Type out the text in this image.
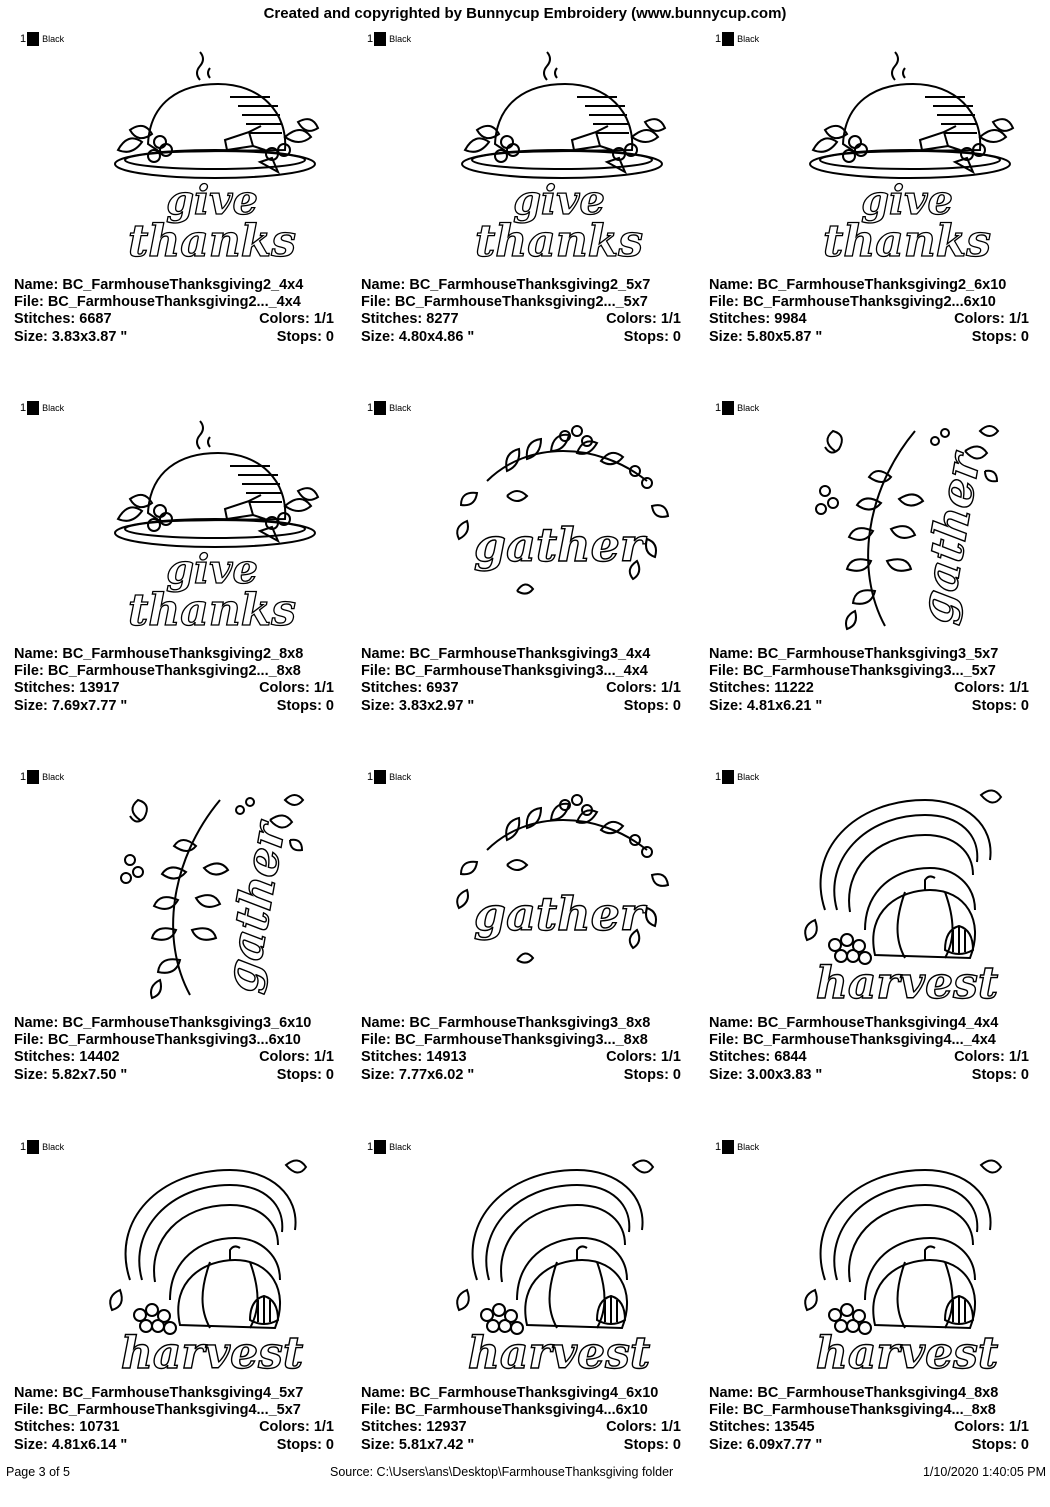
Created and copyrighted by Bunnycup Embroidery (www.bunnycup.com)
1 Black
give
thanks
Name: BC_FarmhouseThanksgiving2_4x4
File: BC_FarmhouseThanksgiving2..._4x4
Stitches: 6687	Colors: 1/1
Size: 3.83x3.87 "	Stops: 0
1 Black
give
thanks
Name: BC_FarmhouseThanksgiving2_5x7
File: BC_FarmhouseThanksgiving2..._5x7
Stitches: 8277	Colors: 1/1
Size: 4.80x4.86 "	Stops: 0
1 Black
give
thanks
Name: BC_FarmhouseThanksgiving2_6x10
File: BC_FarmhouseThanksgiving2...6x10
Stitches: 9984	Colors: 1/1
Size: 5.80x5.87 "	Stops: 0
1 Black
give
thanks
Name: BC_FarmhouseThanksgiving2_8x8
File: BC_FarmhouseThanksgiving2..._8x8
Stitches: 13917	Colors: 1/1
Size: 7.69x7.77 "	Stops: 0
1 Black
gather
Name: BC_FarmhouseThanksgiving3_4x4
File: BC_FarmhouseThanksgiving3..._4x4
Stitches: 6937	Colors: 1/1
Size: 3.83x2.97 "	Stops: 0
1 Black
gather
Name: BC_FarmhouseThanksgiving3_5x7
File: BC_FarmhouseThanksgiving3..._5x7
Stitches: 11222	Colors: 1/1
Size: 4.81x6.21 "	Stops: 0
1 Black
gather
Name: BC_FarmhouseThanksgiving3_6x10
File: BC_FarmhouseThanksgiving3...6x10
Stitches: 14402	Colors: 1/1
Size: 5.82x7.50 "	Stops: 0
1 Black
gather
Name: BC_FarmhouseThanksgiving3_8x8
File: BC_FarmhouseThanksgiving3..._8x8
Stitches: 14913	Colors: 1/1
Size: 7.77x6.02 "	Stops: 0
1 Black
harvest
Name: BC_FarmhouseThanksgiving4_4x4
File: BC_FarmhouseThanksgiving4..._4x4
Stitches: 6844	Colors: 1/1
Size: 3.00x3.83 "	Stops: 0
1 Black
harvest
Name: BC_FarmhouseThanksgiving4_5x7
File: BC_FarmhouseThanksgiving4..._5x7
Stitches: 10731	Colors: 1/1
Size: 4.81x6.14 "	Stops: 0
1 Black
harvest
Name: BC_FarmhouseThanksgiving4_6x10
File: BC_FarmhouseThanksgiving4...6x10
Stitches: 12937	Colors: 1/1
Size: 5.81x7.42 "	Stops: 0
1 Black
harvest
Name: BC_FarmhouseThanksgiving4_8x8
File: BC_FarmhouseThanksgiving4..._8x8
Stitches: 13545	Colors: 1/1
Size: 6.09x7.77 "	Stops: 0
Page 3 of 5	Source: C:\Users\ans\Desktop\FarmhouseThanksgiving folder	1/10/2020 1:40:05 PM
